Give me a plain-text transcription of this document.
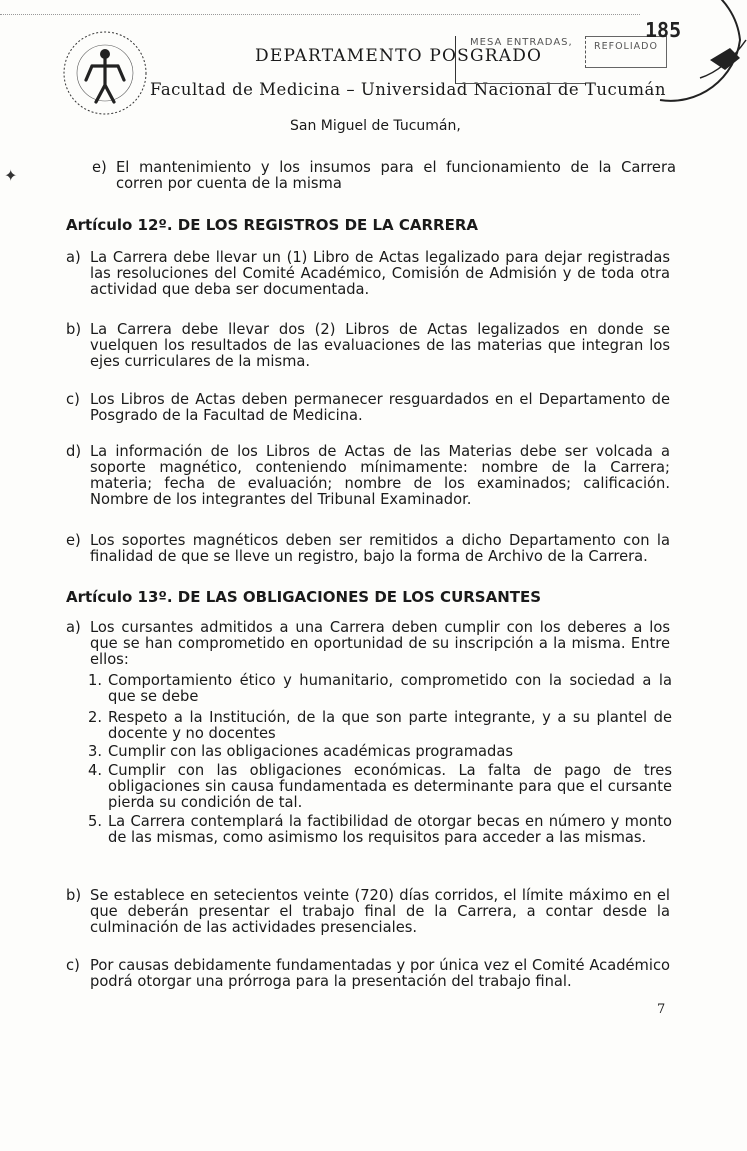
DEPARTAMENTO POSGRADO
Facultad de Medicina – Universidad Nacional de Tucumán
San Miguel de Tucumán,
MESA ENTRADAS,	REFOLIADO
185
✦	e) El mantenimiento y los insumos para el funcionamiento de la Carrera corren por cuenta de la misma
Artículo 12º. DE LOS REGISTROS DE LA CARRERA
a) La Carrera debe llevar un (1) Libro de Actas legalizado para dejar registradas las resoluciones del Comité Académico, Comisión de Admisión y de toda otra actividad que deba ser documentada.
b) La Carrera debe llevar dos (2) Libros de Actas legalizados en donde se vuelquen los resultados de las evaluaciones de las materias que integran los ejes curriculares de la misma.
c) Los Libros de Actas deben permanecer resguardados en el Departamento de Posgrado de la Facultad de Medicina.
d) La información de los Libros de Actas de las Materias debe ser volcada a soporte magnético, conteniendo mínimamente: nombre de la Carrera; materia; fecha de evaluación; nombre de los examinados; calificación. Nombre de los integrantes del Tribunal Examinador.
e) Los soportes magnéticos deben ser remitidos a dicho Departamento con la finalidad de que se lleve un registro, bajo la forma de Archivo de la Carrera.
Artículo 13º. DE LAS OBLIGACIONES DE LOS CURSANTES
a) Los cursantes admitidos a una Carrera deben cumplir con los deberes a los que se han comprometido en oportunidad de su inscripción a la misma. Entre ellos:
1. Comportamiento ético y humanitario, comprometido con la sociedad a la que se debe
2. Respeto a la Institución, de la que son parte integrante, y a su plantel de docente y no docentes
3. Cumplir con las obligaciones académicas programadas
4. Cumplir con las obligaciones económicas. La falta de pago de tres obligaciones sin causa fundamentada es determinante para que el cursante pierda su condición de tal.
5. La Carrera contemplará la factibilidad de otorgar becas en número y monto de las mismas, como asimismo los requisitos para acceder a las mismas.
b) Se establece en setecientos veinte (720) días corridos, el límite máximo en el que deberán presentar el trabajo final de la Carrera, a contar desde la culminación de las actividades presenciales.
c) Por causas debidamente fundamentadas y por única vez el Comité Académico podrá otorgar una prórroga para la presentación del trabajo final.
7
